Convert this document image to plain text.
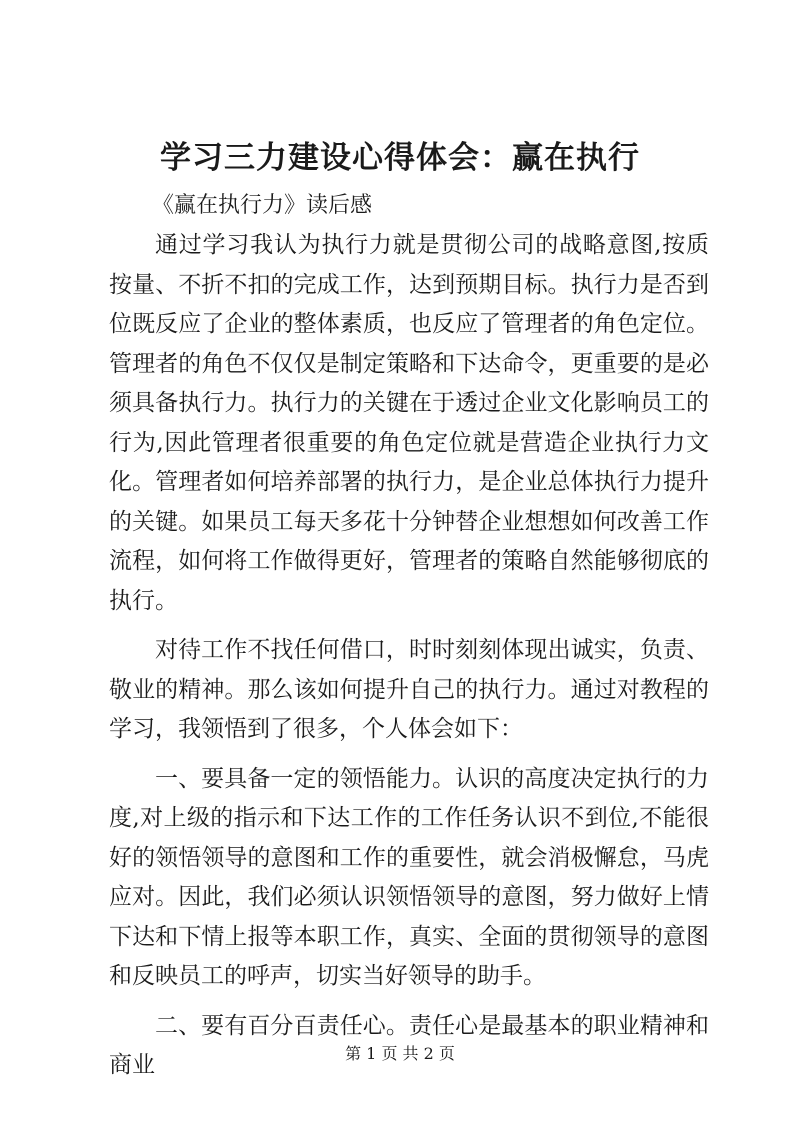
学习三力建设心得体会：赢在执行
《赢在执行力》读后感

通过学习我认为执行力就是贯彻公司的战略意图,按质按量、不折不扣的完成工作，达到预期目标。执行力是否到位既反应了企业的整体素质，也反应了管理者的角色定位。管理者的角色不仅仅是制定策略和下达命令，更重要的是必须具备执行力。执行力的关键在于透过企业文化影响员工的行为,因此管理者很重要的角色定位就是营造企业执行力文化。管理者如何培养部署的执行力，是企业总体执行力提升的关键。如果员工每天多花十分钟替企业想想如何改善工作流程，如何将工作做得更好，管理者的策略自然能够彻底的执行。

对待工作不找任何借口，时时刻刻体现出诚实，负责、敬业的精神。那么该如何提升自己的执行力。通过对教程的学习，我领悟到了很多，个人体会如下：

一、要具备一定的领悟能力。认识的高度决定执行的力度,对上级的指示和下达工作的工作任务认识不到位,不能很好的领悟领导的意图和工作的重要性，就会消极懈怠，马虎应对。因此，我们必须认识领悟领导的意图，努力做好上情下达和下情上报等本职工作，真实、全面的贯彻领导的意图和反映员工的呼声，切实当好领导的助手。

二、要有百分百责任心。责任心是最基本的职业精神和商业	第 1 页 共 2 页
